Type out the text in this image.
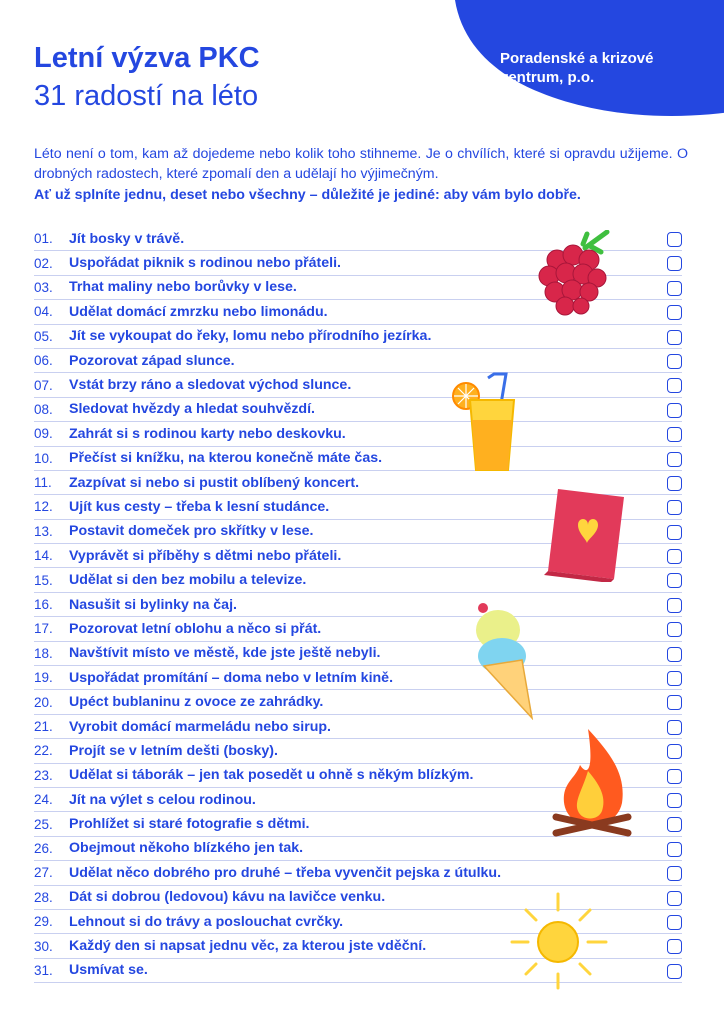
Poradenské a krizové
centrum, p.o.
Letní výzva PKC
31 radostí na léto
Léto není o tom, kam až dojedeme nebo kolik toho stihneme. Je o chvílích, které si opravdu užijeme. O drobných radostech, které zpomalí den a udělají ho výjimečným.
Ať už splníte jednu, deset nebo všechny – důležité je jediné: aby vám bylo dobře.
01.	Jít bosky v trávě.
02.	Uspořádat piknik s rodinou nebo přáteli.
03.	Trhat maliny nebo borůvky v lese.
04.	Udělat domácí zmrzku nebo limonádu.
05.	Jít se vykoupat do řeky, lomu nebo přírodního jezírka.
06.	Pozorovat západ slunce.
07.	Vstát brzy ráno a sledovat východ slunce.
08.	Sledovat hvězdy a hledat souhvězdí.
09.	Zahrát si s rodinou karty nebo deskovku.
10.	Přečíst si knížku, na kterou konečně máte čas.
11.	Zazpívat si nebo si pustit oblíbený koncert.
12.	Ujít kus cesty – třeba k lesní studánce.
13.	Postavit domeček pro skřítky v lese.
14.	Vyprávět si příběhy s dětmi nebo přáteli.
15.	Udělat si den bez mobilu a televize.
16.	Nasušit si bylinky na čaj.
17.	Pozorovat letní oblohu a něco si přát.
18.	Navštívit místo ve městě, kde jste ještě nebyli.
19.	Uspořádat promítání – doma nebo v letním kině.
20.	Upéct bublaninu z ovoce ze zahrádky.
21.	Vyrobit domácí marmeládu nebo sirup.
22.	Projít se v letním dešti (bosky).
23.	Udělat si táborák – jen tak posedět u ohně s někým blízkým.
24.	Jít na výlet s celou rodinou.
25.	Prohlížet si staré fotografie s dětmi.
26.	Obejmout někoho blízkého jen tak.
27.	Udělat něco dobrého pro druhé – třeba vyvenčit pejska z útulku.
28.	Dát si dobrou (ledovou) kávu na lavičce venku.
29.	Lehnout si do trávy a poslouchat cvrčky.
30.	Každý den si napsat jednu věc, za kterou jste vděční.
31.	Usmívat se.
